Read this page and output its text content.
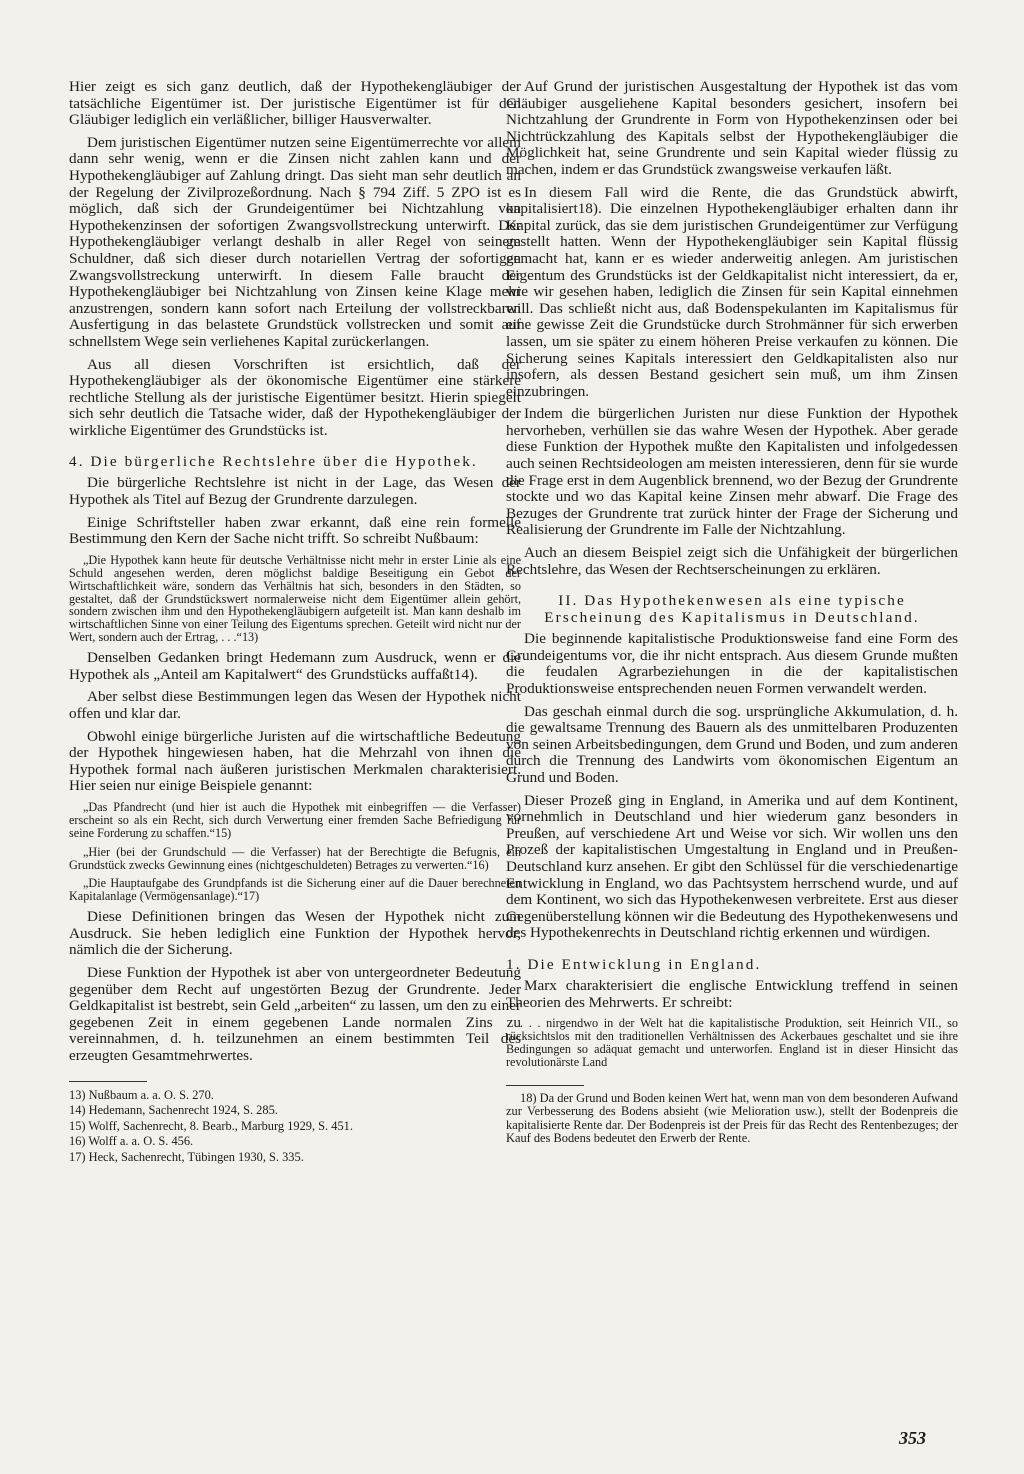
Hier zeigt es sich ganz deutlich, daß der Hypothekengläubiger der tatsächliche Eigentümer ist. Der juristische Eigentümer ist für den Gläubiger lediglich ein verläßlicher, billiger Hausverwalter.

Dem juristischen Eigentümer nutzen seine Eigentümerrechte vor allem dann sehr wenig, wenn er die Zinsen nicht zahlen kann und der Hypothekengläubiger auf Zahlung dringt. Das sieht man sehr deutlich an der Regelung der Zivilprozeßordnung. Nach § 794 Ziff. 5 ZPO ist es möglich, daß sich der Grundeigentümer bei Nichtzahlung von Hypothekenzinsen der sofortigen Zwangsvollstreckung unterwirft. Der Hypothekengläubiger verlangt deshalb in aller Regel von seinem Schuldner, daß sich dieser durch notariellen Vertrag der sofortigen Zwangsvollstreckung unterwirft. In diesem Falle braucht der Hypothekengläubiger bei Nichtzahlung von Zinsen keine Klage mehr anzustrengen, sondern kann sofort nach Erteilung der vollstreckbaren Ausfertigung in das belastete Grundstück vollstrecken und somit auf schnellstem Wege sein verliehenes Kapital zurückerlangen.

Aus all diesen Vorschriften ist ersichtlich, daß der Hypothekengläubiger als der ökonomische Eigentümer eine stärkere rechtliche Stellung als der juristische Eigentümer besitzt. Hierin spiegelt sich sehr deutlich die Tatsache wider, daß der Hypothekengläubiger der wirkliche Eigentümer des Grundstücks ist.

4. Die bürgerliche Rechtslehre über die Hypothek.

Die bürgerliche Rechtslehre ist nicht in der Lage, das Wesen der Hypothek als Titel auf Bezug der Grundrente darzulegen.

Einige Schriftsteller haben zwar erkannt, daß eine rein formelle Bestimmung den Kern der Sache nicht trifft. So schreibt Nußbaum:

„Die Hypothek kann heute für deutsche Verhältnisse nicht mehr in erster Linie als eine Schuld angesehen werden, deren möglichst baldige Beseitigung ein Gebot der Wirtschaftlichkeit wäre, sondern das Verhältnis hat sich, besonders in den Städten, so gestaltet, daß der Grundstückswert normalerweise nicht dem Eigentümer allein gehört, sondern zwischen ihm und den Hypothekengläubigern aufgeteilt ist. Man kann deshalb im wirtschaftlichen Sinne von einer Teilung des Eigentums sprechen. Geteilt wird nicht nur der Wert, sondern auch der Ertrag, . . .“13)

Denselben Gedanken bringt Hedemann zum Ausdruck, wenn er die Hypothek als „Anteil am Kapitalwert“ des Grundstücks auffaßt14).

Aber selbst diese Bestimmungen legen das Wesen der Hypothek nicht offen und klar dar.

Obwohl einige bürgerliche Juristen auf die wirtschaftliche Bedeutung der Hypothek hingewiesen haben, hat die Mehrzahl von ihnen die Hypothek formal nach äußeren juristischen Merkmalen charakterisiert. Hier seien nur einige Beispiele genannt:

„Das Pfandrecht (und hier ist auch die Hypothek mit einbegriffen — die Verfasser) erscheint so als ein Recht, sich durch Verwertung einer fremden Sache Befriedigung für seine Forderung zu schaffen.“15)
„Hier (bei der Grundschuld — die Verfasser) hat der Berechtigte die Befugnis, ein Grundstück zwecks Gewinnung eines (nichtgeschuldeten) Betrages zu verwerten.“16)
„Die Hauptaufgabe des Grundpfands ist die Sicherung einer auf die Dauer berechneten Kapitalanlage (Vermögensanlage).“17)

Diese Definitionen bringen das Wesen der Hypothek nicht zum Ausdruck. Sie heben lediglich eine Funktion der Hypothek hervor, nämlich die der Sicherung.

Diese Funktion der Hypothek ist aber von untergeordneter Bedeutung gegenüber dem Recht auf ungestörten Bezug der Grundrente. Jeder Geldkapitalist ist bestrebt, sein Geld „arbeiten“ zu lassen, um den zu einer gegebenen Zeit in einem gegebenen Lande normalen Zins zu vereinnahmen, d. h. teilzunehmen an einem bestimmten Teil des erzeugten Gesamtmehrwertes.

13) Nußbaum a. a. O. S. 270.

14) Hedemann, Sachenrecht 1924, S. 285.

15) Wolff, Sachenrecht, 8. Bearb., Marburg 1929, S. 451.

16) Wolff a. a. O. S. 456.

17) Heck, Sachenrecht, Tübingen 1930, S. 335.

Auf Grund der juristischen Ausgestaltung der Hypothek ist das vom Gläubiger ausgeliehene Kapital besonders gesichert, insofern bei Nichtzahlung der Grundrente in Form von Hypothekenzinsen oder bei Nichtrückzahlung des Kapitals selbst der Hypothekengläubiger die Möglichkeit hat, seine Grundrente und sein Kapital wieder flüssig zu machen, indem er das Grundstück zwangsweise verkaufen läßt.

In diesem Fall wird die Rente, die das Grundstück abwirft, kapitalisiert18). Die einzelnen Hypothekengläubiger erhalten dann ihr Kapital zurück, das sie dem juristischen Grundeigentümer zur Verfügung gestellt hatten. Wenn der Hypothekengläubiger sein Kapital flüssig gemacht hat, kann er es wieder anderweitig anlegen. Am juristischen Eigentum des Grundstücks ist der Geldkapitalist nicht interessiert, da er, wie wir gesehen haben, lediglich die Zinsen für sein Kapital einnehmen will. Das schließt nicht aus, daß Bodenspekulanten im Kapitalismus für eine gewisse Zeit die Grundstücke durch Strohmänner für sich erwerben lassen, um sie später zu einem höheren Preise verkaufen zu können. Die Sicherung seines Kapitals interessiert den Geldkapitalisten also nur insofern, als dessen Bestand gesichert sein muß, um ihm Zinsen einzubringen.

Indem die bürgerlichen Juristen nur diese Funktion der Hypothek hervorheben, verhüllen sie das wahre Wesen der Hypothek. Aber gerade diese Funktion der Hypothek mußte den Kapitalisten und infolgedessen auch seinen Rechtsideologen am meisten interessieren, denn für sie wurde die Frage erst in dem Augenblick brennend, wo der Bezug der Grundrente stockte und wo das Kapital keine Zinsen mehr abwarf. Die Frage des Bezuges der Grundrente trat zurück hinter der Frage der Sicherung und Realisierung der Grundrente im Falle der Nichtzahlung.

Auch an diesem Beispiel zeigt sich die Unfähigkeit der bürgerlichen Rechtslehre, das Wesen der Rechtserscheinungen zu erklären.

II. Das Hypothekenwesen als eine typische Erscheinung des Kapitalismus in Deutschland.

Die beginnende kapitalistische Produktionsweise fand eine Form des Grundeigentums vor, die ihr nicht entsprach. Aus diesem Grunde mußten die feudalen Agrarbeziehungen in die der kapitalistischen Produktionsweise entsprechenden neuen Formen verwandelt werden.

Das geschah einmal durch die sog. ursprüngliche Akkumulation, d. h. die gewaltsame Trennung des Bauern als des unmittelbaren Produzenten von seinen Arbeitsbedingungen, dem Grund und Boden, und zum anderen durch die Trennung des Landwirts vom ökonomischen Eigentum an Grund und Boden.

Dieser Prozeß ging in England, in Amerika und auf dem Kontinent, vornehmlich in Deutschland und hier wiederum ganz besonders in Preußen, auf verschiedene Art und Weise vor sich. Wir wollen uns den Prozeß der kapitalistischen Umgestaltung in England und in Preußen-Deutschland kurz ansehen. Er gibt den Schlüssel für die verschiedenartige Entwicklung in England, wo das Pachtsystem herrschend wurde, und auf dem Kontinent, wo sich das Hypothekenwesen verbreitete. Erst aus dieser Gegenüberstellung können wir die Bedeutung des Hypothekenwesens und des Hypothekenrechts in Deutschland richtig erkennen und würdigen.

1. Die Entwicklung in England.

Marx charakterisiert die englische Entwicklung treffend in seinen Theorien des Mehrwerts. Er schreibt:

. . . nirgendwo in der Welt hat die kapitalistische Produktion, seit Heinrich VII., so rücksichtslos mit den traditionellen Verhältnissen des Ackerbaues geschaltet und sie ihre Bedingungen so adäquat gemacht und unterworfen. England ist in dieser Hinsicht das revolutionärste Land

18) Da der Grund und Boden keinen Wert hat, wenn man von dem besonderen Aufwand zur Verbesserung des Bodens absieht (wie Melioration usw.), stellt der Bodenpreis die kapitalisierte Rente dar. Der Bodenpreis ist der Preis für das Recht des Rentenbezuges; der Kauf des Bodens bedeutet den Erwerb der Rente.

353
